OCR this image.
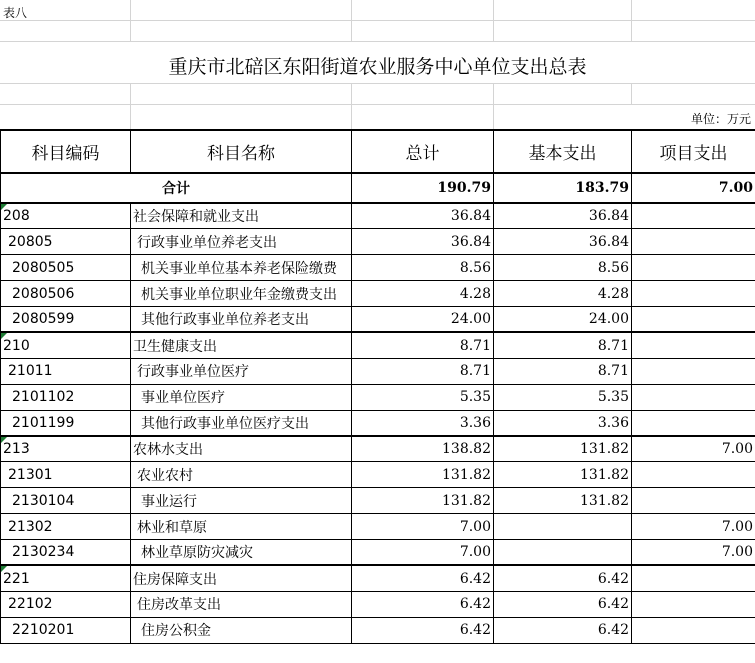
表八
重庆市北碚区东阳街道农业服务中心单位支出总表
单位：万元
科目编码	科目名称	总计	基本支出	项目支出
合计		190.79	183.79	7.00

208	社会保障和就业支出	36.84	36.84	
20805	行政事业单位养老支出	36.84	36.84	
2080505	机关事业单位基本养老保险缴费	8.56	8.56	
2080506	机关事业单位职业年金缴费支出	4.28	4.28	
2080599	其他行政事业单位养老支出	24.00	24.00	

210	卫生健康支出	8.71	8.71	
21011	行政事业单位医疗	8.71	8.71	
2101102	事业单位医疗	5.35	5.35	
2101199	其他行政事业单位医疗支出	3.36	3.36	

213	农林水支出	138.82	131.82	7.00
21301	农业农村	131.82	131.82	
2130104	事业运行	131.82	131.82	
21302	林业和草原	7.00		7.00
2130234	林业草原防灾减灾	7.00		7.00

221	住房保障支出	6.42	6.42	
22102	住房改革支出	6.42	6.42	
2210201	住房公积金	6.42	6.42	
